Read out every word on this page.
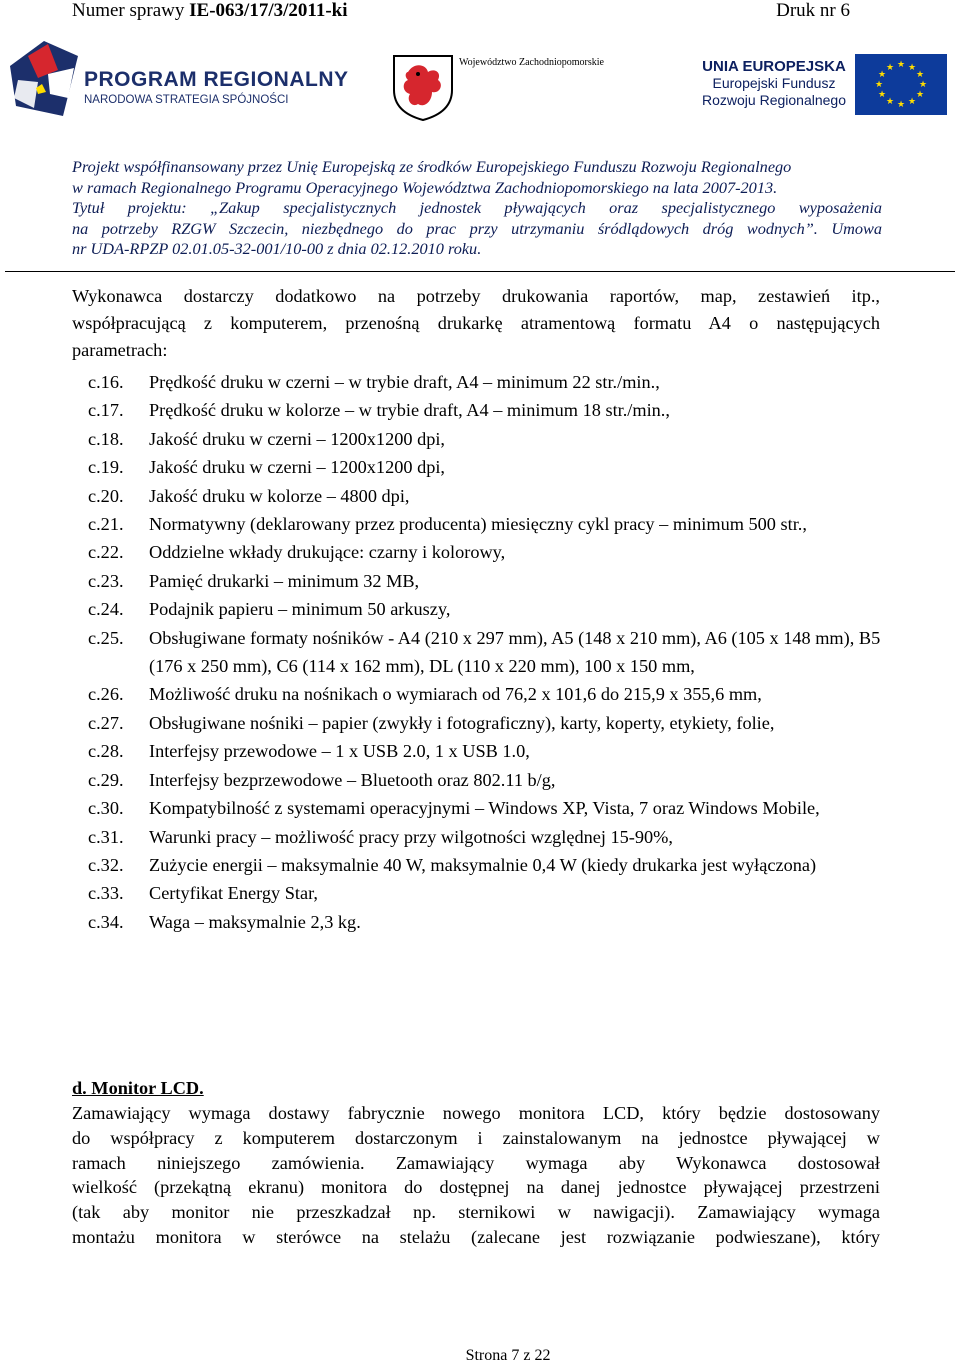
Numer sprawy IE-063/17/3/2011-ki	Druk nr 6
PROGRAM REGIONALNY
NARODOWA STRATEGIA SPÓJNOŚCI
Województwo Zachodniopomorskie	UNIA EUROPEJSKA
Europejski Fundusz
Rozwoju Regionalnego
★ ★
★
★
★
★
★
★
★
★
★
★
Projekt współfinansowany przez Unię Europejską ze środków Europejskiego Funduszu Rozwoju Regionalnego
w ramach Regionalnego Programu Operacyjnego Województwa Zachodniopomorskiego na lata 2007-2013.
Tytuł projektu: „Zakup specjalistycznych jednostek pływających oraz specjalistycznego wyposażenia
na potrzeby RZGW Szczecin, niezbędnego do prac przy utrzymaniu śródlądowych dróg wodnych”. Umowa
nr UDA-RPZP 02.01.05-32-001/10-00 z dnia 02.12.2010 roku.
Wykonawca dostarczy dodatkowo na potrzeby drukowania raportów, map, zestawień itp.,
współpracującą z komputerem, przenośną drukarkę atramentową formatu A4 o następujących
parametrach:
c.16.	Prędkość druku w czerni – w trybie draft, A4 – minimum 22 str./min.,
c.17.	Prędkość druku w kolorze – w trybie draft, A4 – minimum 18 str./min.,
c.18.	Jakość druku w czerni – 1200x1200 dpi,
c.19.	Jakość druku w czerni – 1200x1200 dpi,
c.20.	Jakość druku w kolorze – 4800 dpi,
c.21.	Normatywny (deklarowany przez producenta) miesięczny cykl pracy – minimum 500 str.,
c.22.	Oddzielne wkłady drukujące: czarny i kolorowy,
c.23.	Pamięć drukarki – minimum 32 MB,
c.24.	Podajnik papieru – minimum 50 arkuszy,
c.25.	Obsługiwane formaty nośników - A4 (210 x 297 mm), A5 (148 x 210 mm), A6 (105 x 148 mm), B5 (176 x 250 mm), C6 (114 x 162 mm), DL (110 x 220 mm), 100 x 150 mm,
c.26.	Możliwość druku na nośnikach o wymiarach od 76,2 x 101,6 do 215,9 x 355,6 mm,
c.27.	Obsługiwane nośniki – papier (zwykły i fotograficzny), karty, koperty, etykiety, folie,
c.28.	Interfejsy przewodowe – 1 x USB 2.0, 1 x USB 1.0,
c.29.	Interfejsy bezprzewodowe – Bluetooth oraz 802.11 b/g,
c.30.	Kompatybilność z systemami operacyjnymi – Windows XP, Vista, 7 oraz Windows Mobile,
c.31.	Warunki pracy – możliwość pracy przy wilgotności względnej 15-90%,
c.32.	Zużycie energii – maksymalnie 40 W, maksymalnie 0,4 W (kiedy drukarka jest wyłączona)
c.33.	Certyfikat Energy Star,
c.34.	Waga – maksymalnie 2,3 kg.
d. Monitor LCD.
Zamawiający wymaga dostawy fabrycznie nowego monitora LCD, który będzie dostosowany
do współpracy z komputerem dostarczonym i zainstalowanym na jednostce pływającej w
ramach niniejszego zamówienia. Zamawiający wymaga aby Wykonawca dostosował
wielkość (przekątną ekranu) monitora do dostępnej na danej jednostce pływającej przestrzeni
(tak aby monitor nie przeszkadzał np. sternikowi w nawigacji). Zamawiający wymaga
montażu monitora w sterówce na stelażu (zalecane jest rozwiązanie podwieszane), który
Strona 7 z 22
